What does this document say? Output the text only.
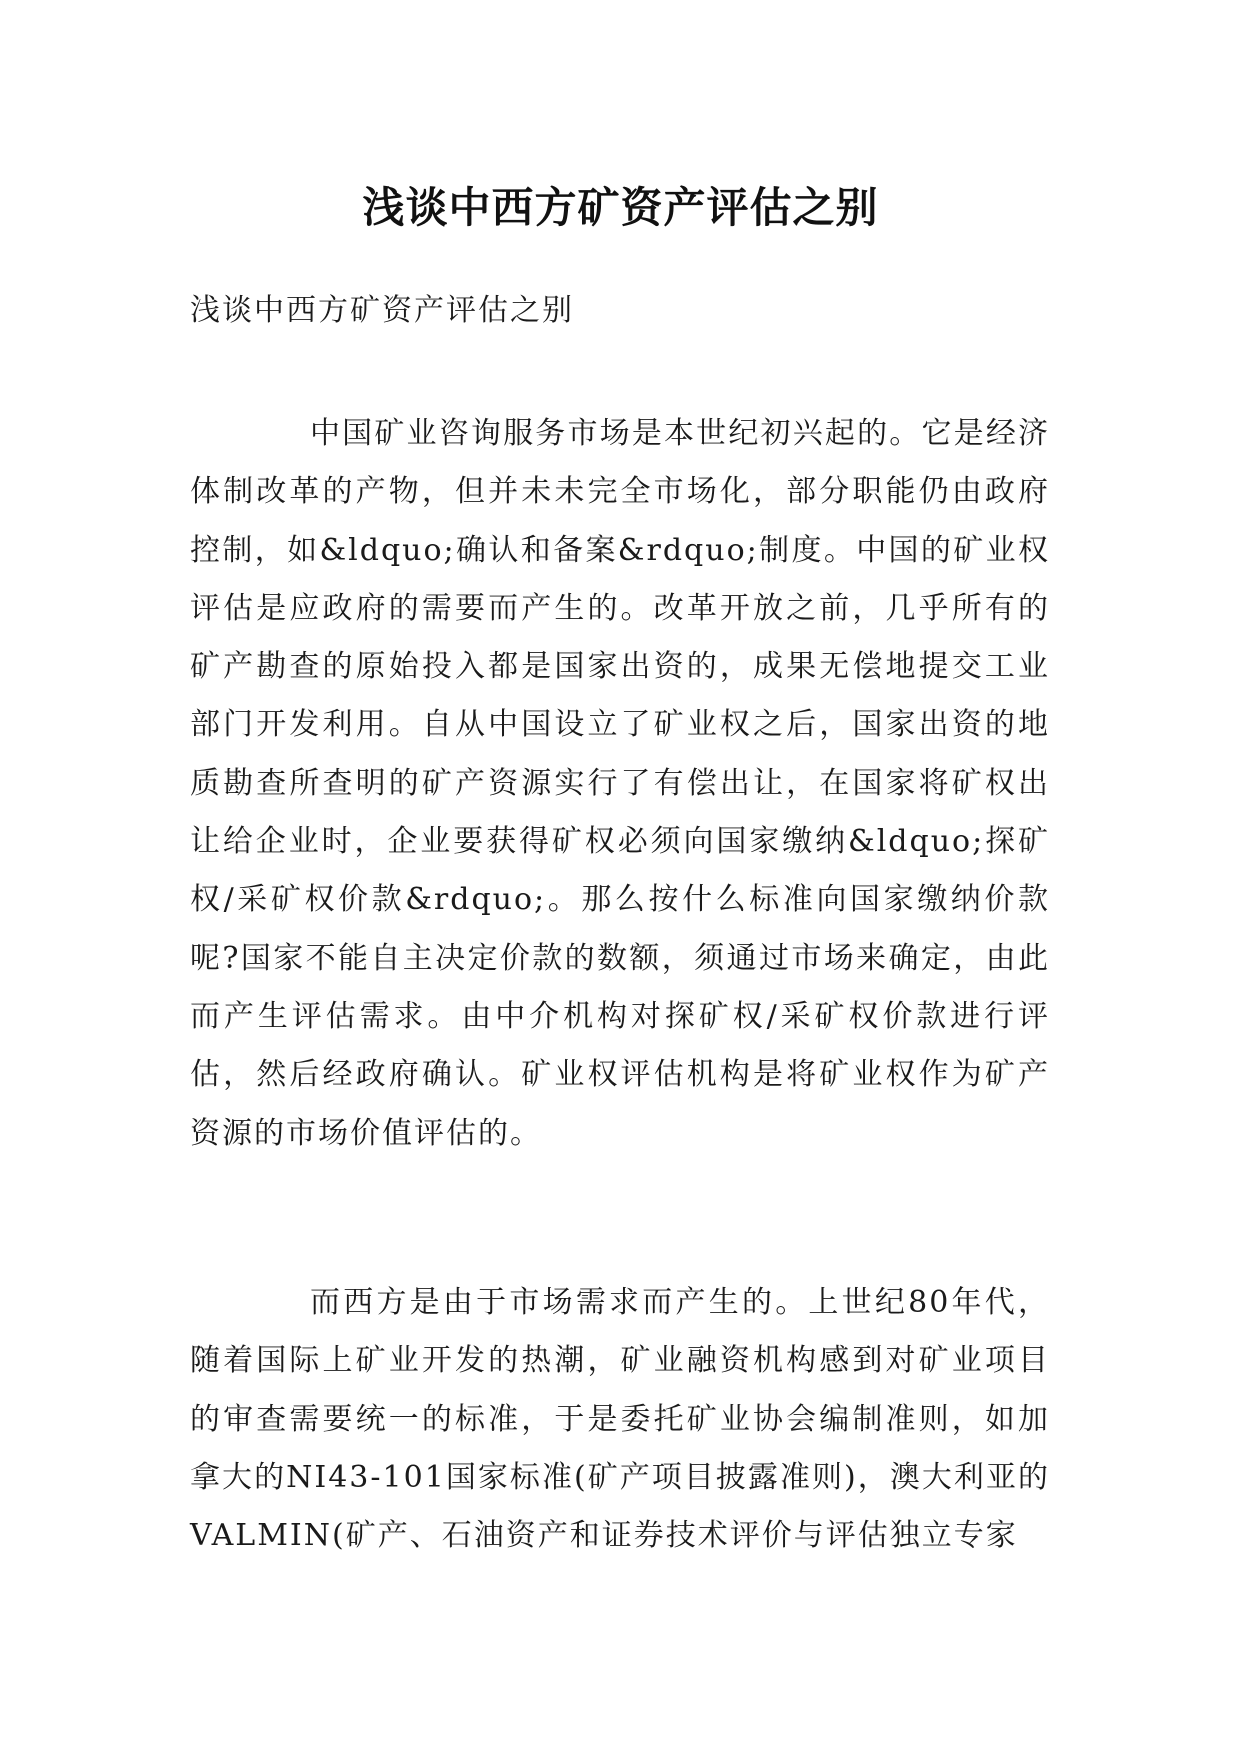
浅谈中西方矿资产评估之别
浅谈中西方矿资产评估之别

中国矿业咨询服务市场是本世纪初兴起的。它是经济体制改革的产物，但并未未完全市场化，部分职能仍由政府控制，如&ldquo;确认和备案&rdquo;制度。中国的矿业权评估是应政府的需要而产生的。改革开放之前，几乎所有的矿产勘查的原始投入都是国家出资的，成果无偿地提交工业部门开发利用。自从中国设立了矿业权之后，国家出资的地质勘查所查明的矿产资源实行了有偿出让，在国家将矿权出让给企业时，企业要获得矿权必须向国家缴纳&ldquo;探矿权/采矿权价款&rdquo;。那么按什么标准向国家缴纳价款呢?国家不能自主决定价款的数额，须通过市场来确定，由此而产生评估需求。由中介机构对探矿权/采矿权价款进行评估，然后经政府确认。矿业权评估机构是将矿业权作为矿产资源的市场价值评估的。

而西方是由于市场需求而产生的。上世纪80年代，随着国际上矿业开发的热潮，矿业融资机构感到对矿业项目的审查需要统一的标准，于是委托矿业协会编制准则，如加拿大的NI43-101国家标准(矿产项目披露准则)，澳大利亚的VALMIN(矿产、石油资产和证券技术评价与评估独立专家
